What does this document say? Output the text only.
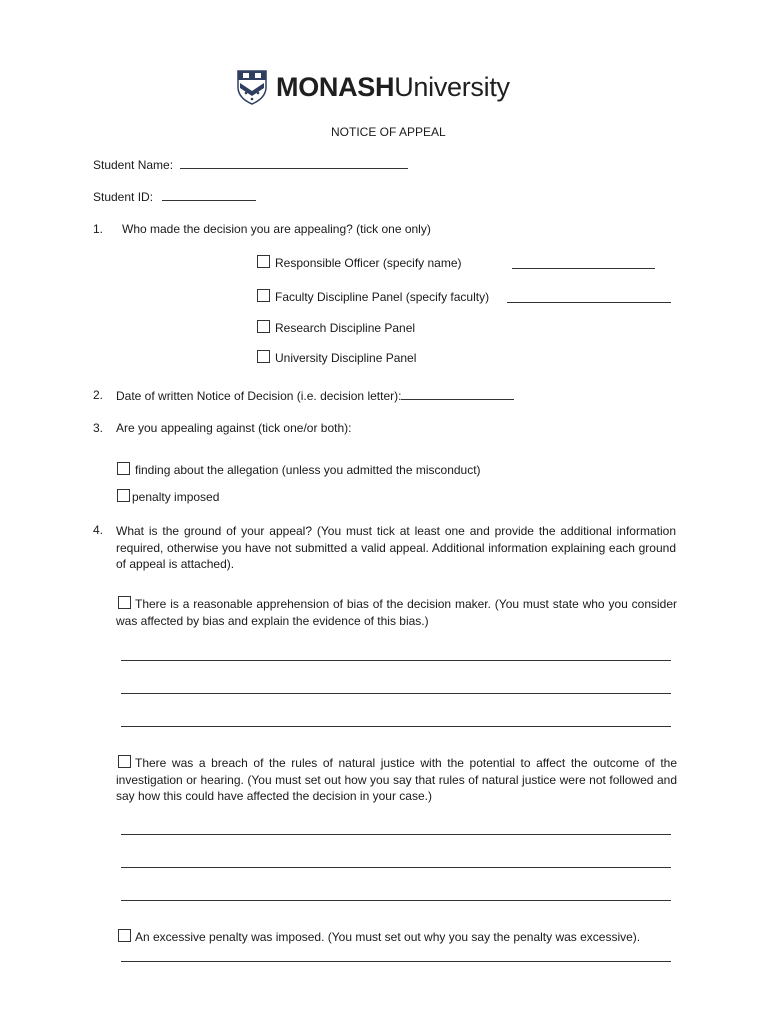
MONASHUniversity
NOTICE OF APPEAL
Student Name:
Student ID:
1. Who made the decision you are appealing? (tick one only)
Responsible Officer (specify name)
Faculty Discipline Panel (specify faculty)
Research Discipline Panel
University Discipline Panel
2. Date of written Notice of Decision (i.e. decision letter):
3. Are you appealing against (tick one/or both):
finding about the allegation (unless you admitted the misconduct)
penalty imposed
4. What is the ground of your appeal? (You must tick at least one and provide the additional information required, otherwise you have not submitted a valid appeal. Additional information explaining each ground of appeal is attached).
There is a reasonable apprehension of bias of the decision maker. (You must state who you consider was affected by bias and explain the evidence of this bias.)
There was a breach of the rules of natural justice with the potential to affect the outcome of the investigation or hearing. (You must set out how you say that rules of natural justice were not followed and say how this could have affected the decision in your case.)
An excessive penalty was imposed. (You must set out why you say the penalty was excessive).
